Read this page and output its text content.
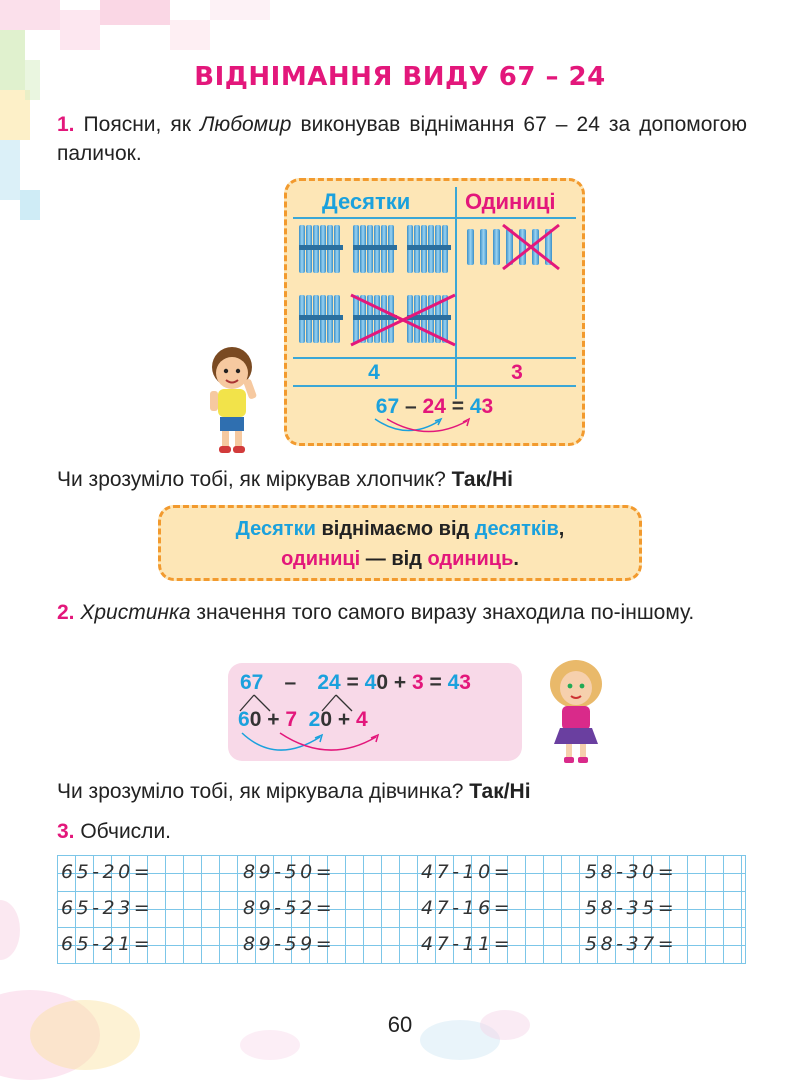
ВІДНІМАННЯ ВИДУ 67 – 24
1. Поясни, як Любомир виконував віднімання 67 – 24 за допомогою паличок.
Десятки Одиниці
4	3
67 – 24 = 43
Чи зрозуміло тобі, як міркував хлопчик? Так/Ні
Десятки віднімаємо від десятків,
одиниці — від одиниць.
2. Христинка значення того самого виразу знаходила по-іншому.
67 – 24 = 40 + 3 = 43
60 + 7 20 + 4
Чи зрозуміло тобі, як міркувала дівчинка? Так/Ні
3. Обчисли.
65-20=	89-50=	47-10=	58-30=
65-23=	89-52=	47-16=	58-35=
65-21=	89-59=	47-11=	58-37=
60
